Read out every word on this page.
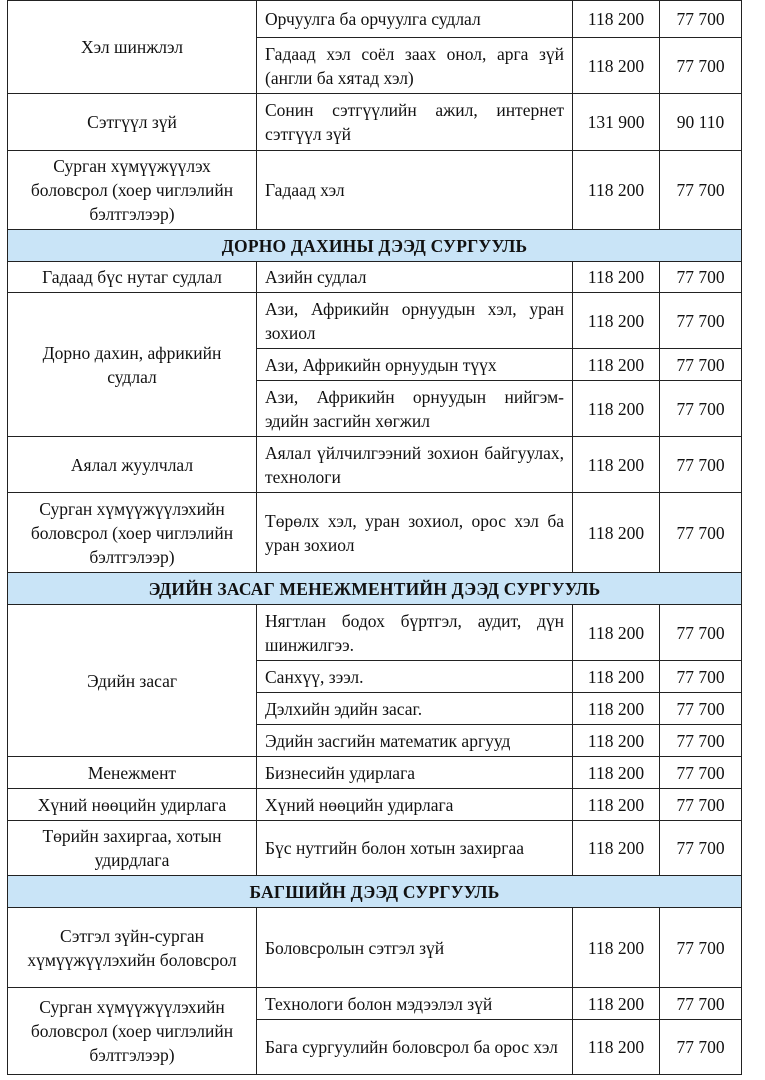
Хэл шинжлэл	Орчуулга ба орчуулга судлал	118 200	77 700
	Гадаад хэл соёл заах онол, арга зүй (англи ба хятад хэл)	118 200	77 700
Сэтгүүл зүй	Сонин сэтгүүлийн ажил, интернет сэтгүүл зүй	131 900	90 110
Сурган хүмүүжүүлэх боловсрол (хоер чиглэлийн бэлтгэлээр)	Гадаад хэл	118 200	77 700
ДОРНО ДАХИНЫ ДЭЭД СУРГУУЛЬ			
Гадаад бүс нутаг судлал	Азийн судлал	118 200	77 700
Дорно дахин, африкийн судлал	Ази, Африкийн орнуудын хэл, уран зохиол	118 200	77 700
	Ази, Африкийн орнуудын түүх	118 200	77 700
	Ази, Африкийн орнуудын нийгэм-эдийн засгийн хөгжил	118 200	77 700
Аялал жуулчлал	Аялал үйлчилгээний зохион байгуулах, технологи	118 200	77 700
Сурган хүмүүжүүлэхийн боловсрол (хоер чиглэлийн бэлтгэлээр)	Төрөлх хэл, уран зохиол, орос хэл ба уран зохиол	118 200	77 700
ЭДИЙН ЗАСАГ МЕНЕЖМЕНТИЙН ДЭЭД СУРГУУЛЬ			
Эдийн засаг	Нягтлан бодох бүртгэл, аудит, дүн шинжилгээ.	118 200	77 700
	Санхүү, зээл.	118 200	77 700
	Дэлхийн эдийн засаг.	118 200	77 700
	Эдийн засгийн математик аргууд	118 200	77 700
Менежмент	Бизнесийн удирлага	118 200	77 700
Хүний нөөцийн удирлага	Хүний нөөцийн удирлага	118 200	77 700
Төрийн захиргаа, хотын удирдлага	Бүс нутгийн болон хотын захиргаа	118 200	77 700
БАГШИЙН ДЭЭД СУРГУУЛЬ			
Сэтгэл зүйн-сурган хүмүүжүүлэхийн боловсрол	Боловсролын сэтгэл зүй	118 200	77 700
Сурган хүмүүжүүлэхийн боловсрол (хоер чиглэлийн бэлтгэлээр)	Технологи болон мэдээлэл зүй	118 200	77 700
	Бага сургуулийн боловсрол ба орос хэл	118 200	77 700
